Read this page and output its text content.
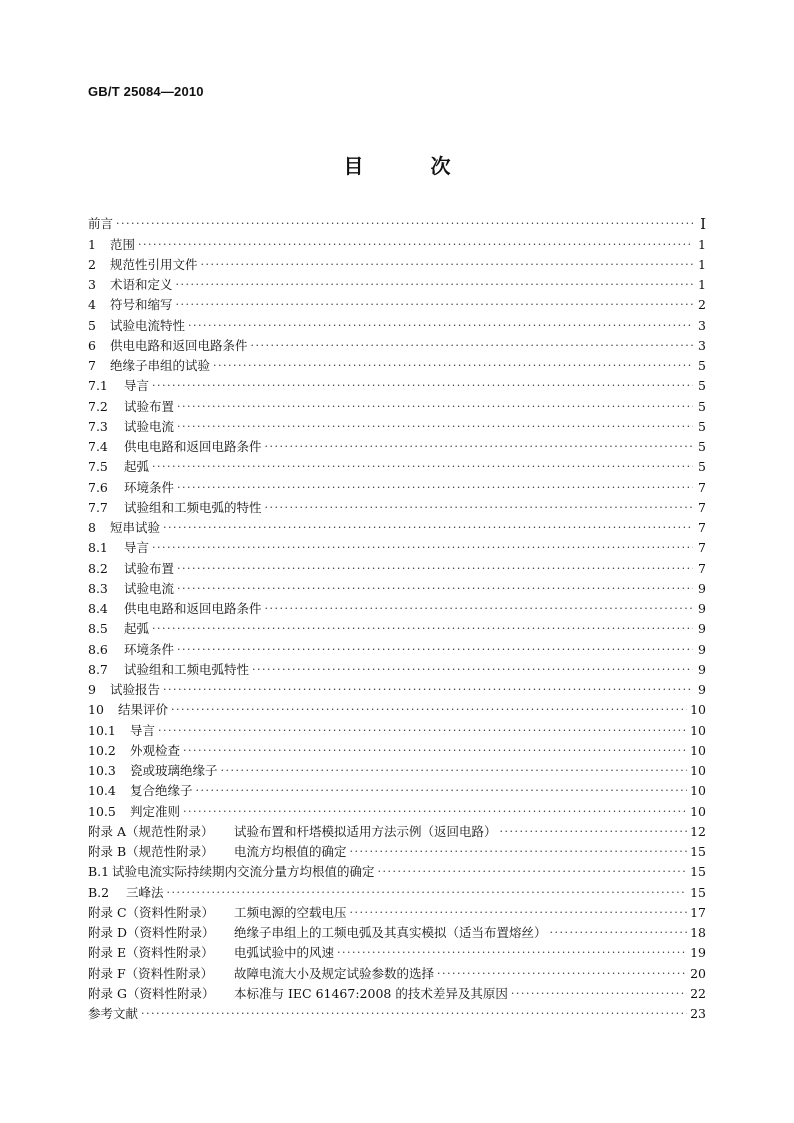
GB/T 25084—2010
目 次
前言 ·····	I
1	范围 ·····	1
2	规范性引用文件 ·····	1
3	术语和定义 ·····	1
4	符号和缩写 ·····	2
5	试验电流特性 ·····	3
6	供电电路和返回电路条件 ·····	3
7	绝缘子串组的试验 ·····	5
7.1	导言 ·····	5
7.2	试验布置 ·····	5
7.3	试验电流 ·····	5
7.4	供电电路和返回电路条件 ·····	5
7.5	起弧 ·····	5
7.6	环境条件 ·····	7
7.7	试验组和工频电弧的特性 ·····	7
8	短串试验 ·····	7
8.1	导言 ·····	7
8.2	试验布置 ·····	7
8.3	试验电流 ·····	9
8.4	供电电路和返回电路条件 ·····	9
8.5	起弧 ·····	9
8.6	环境条件 ·····	9
8.7	试验组和工频电弧特性 ·····	9
9	试验报告 ·····	9
10	结果评价 ·····	10
10.1	导言 ·····	10
10.2	外观检查 ·····	10
10.3	瓷或玻璃绝缘子 ·····	10
10.4	复合绝缘子 ·····	10
10.5	判定准则 ·····	10
附录 A（规范性附录）	试验布置和杆塔模拟适用方法示例（返回电路） ·····	12
附录 B（规范性附录）	电流方均根值的确定 ·····	15
B.1 试验电流实际持续期内交流分量方均根值的确定 ·····	15
B.2	三峰法 ·····	15
附录 C（资料性附录）	工频电源的空载电压 ·····	17
附录 D（资料性附录）	绝缘子串组上的工频电弧及其真实模拟（适当布置熔丝） ·····	18
附录 E（资料性附录）	电弧试验中的风速 ·····	19
附录 F（资料性附录）	故障电流大小及规定试验参数的选择 ·····	20
附录 G（资料性附录）	本标准与 IEC 61467:2008 的技术差异及其原因 ·····	22
参考文献 ·····	23
